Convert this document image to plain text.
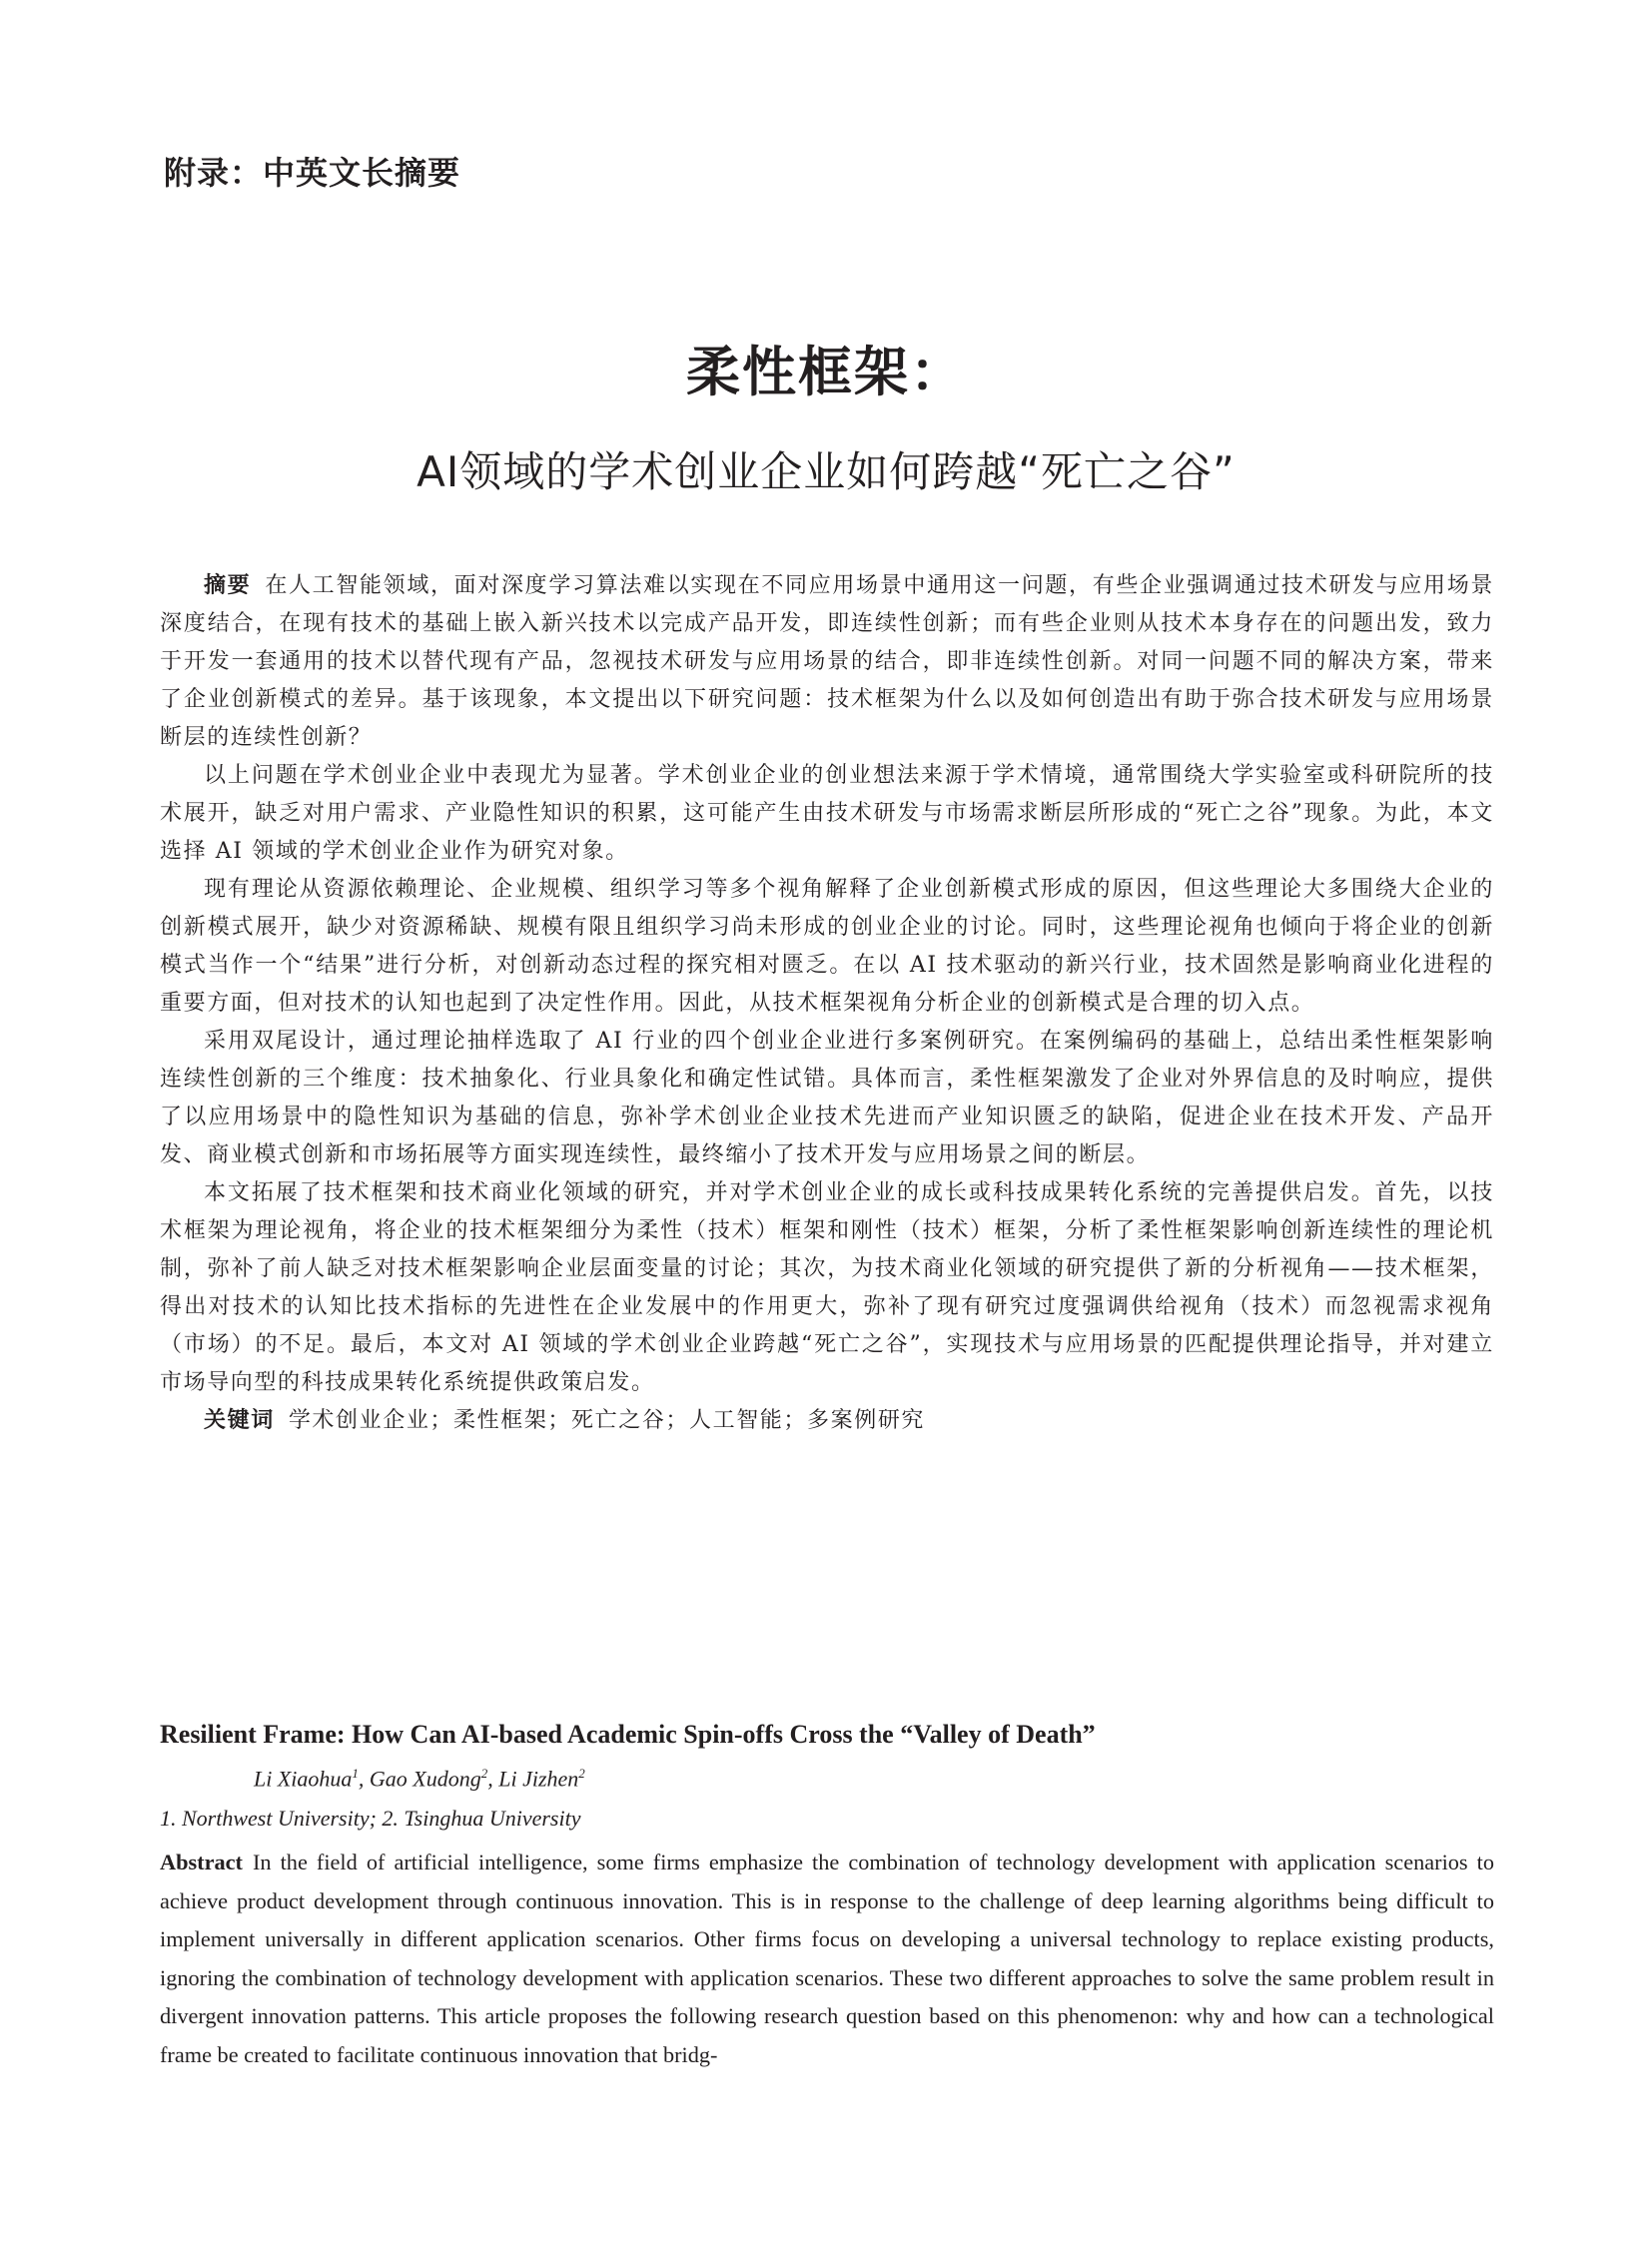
附录：中英文长摘要
柔性框架：
AI领域的学术创业企业如何跨越“死亡之谷”

摘要 在人工智能领域，面对深度学习算法难以实现在不同应用场景中通用这一问题，有些企业强调通过技术研发与应用场景深度结合，在现有技术的基础上嵌入新兴技术以完成产品开发，即连续性创新；而有些企业则从技术本身存在的问题出发，致力于开发一套通用的技术以替代现有产品，忽视技术研发与应用场景的结合，即非连续性创新。对同一问题不同的解决方案，带来了企业创新模式的差异。基于该现象，本文提出以下研究问题：技术框架为什么以及如何创造出有助于弥合技术研发与应用场景断层的连续性创新？

以上问题在学术创业企业中表现尤为显著。学术创业企业的创业想法来源于学术情境，通常围绕大学实验室或科研院所的技术展开，缺乏对用户需求、产业隐性知识的积累，这可能产生由技术研发与市场需求断层所形成的“死亡之谷”现象。为此，本文选择 AI 领域的学术创业企业作为研究对象。

现有理论从资源依赖理论、企业规模、组织学习等多个视角解释了企业创新模式形成的原因，但这些理论大多围绕大企业的创新模式展开，缺少对资源稀缺、规模有限且组织学习尚未形成的创业企业的讨论。同时，这些理论视角也倾向于将企业的创新模式当作一个“结果”进行分析，对创新动态过程的探究相对匮乏。在以 AI 技术驱动的新兴行业，技术固然是影响商业化进程的重要方面，但对技术的认知也起到了决定性作用。因此，从技术框架视角分析企业的创新模式是合理的切入点。

采用双尾设计，通过理论抽样选取了 AI 行业的四个创业企业进行多案例研究。在案例编码的基础上，总结出柔性框架影响连续性创新的三个维度：技术抽象化、行业具象化和确定性试错。具体而言，柔性框架激发了企业对外界信息的及时响应，提供了以应用场景中的隐性知识为基础的信息，弥补学术创业企业技术先进而产业知识匮乏的缺陷，促进企业在技术开发、产品开发、商业模式创新和市场拓展等方面实现连续性，最终缩小了技术开发与应用场景之间的断层。

本文拓展了技术框架和技术商业化领域的研究，并对学术创业企业的成长或科技成果转化系统的完善提供启发。首先，以技术框架为理论视角，将企业的技术框架细分为柔性（技术）框架和刚性（技术）框架，分析了柔性框架影响创新连续性的理论机制，弥补了前人缺乏对技术框架影响企业层面变量的讨论；其次，为技术商业化领域的研究提供了新的分析视角——技术框架，得出对技术的认知比技术指标的先进性在企业发展中的作用更大，弥补了现有研究过度强调供给视角（技术）而忽视需求视角（市场）的不足。最后，本文对 AI 领域的学术创业企业跨越“死亡之谷”，实现技术与应用场景的匹配提供理论指导，并对建立市场导向型的科技成果转化系统提供政策启发。

关键词 学术创业企业；柔性框架；死亡之谷；人工智能；多案例研究

Resilient Frame: How Can AI-based Academic Spin-offs Cross the “Valley of Death”
Li Xiaohua$^1$, Gao Xudong$^2$, Li Jizhen$^2$
1. Northwest University; 2. Tsinghua University
Abstract In the field of artificial intelligence, some firms emphasize the combination of technology development with application scenarios to achieve product development through continuous innovation. This is in response to the challenge of deep learning algorithms being difficult to implement universally in different application scenarios. Other firms focus on developing a universal technology to replace existing products, ignoring the combination of technology development with application scenarios. These two different approaches to solve the same problem result in divergent innovation patterns. This article proposes the following research question based on this phenomenon: why and how can a technological frame be created to facilitate continuous innovation that bridg-
